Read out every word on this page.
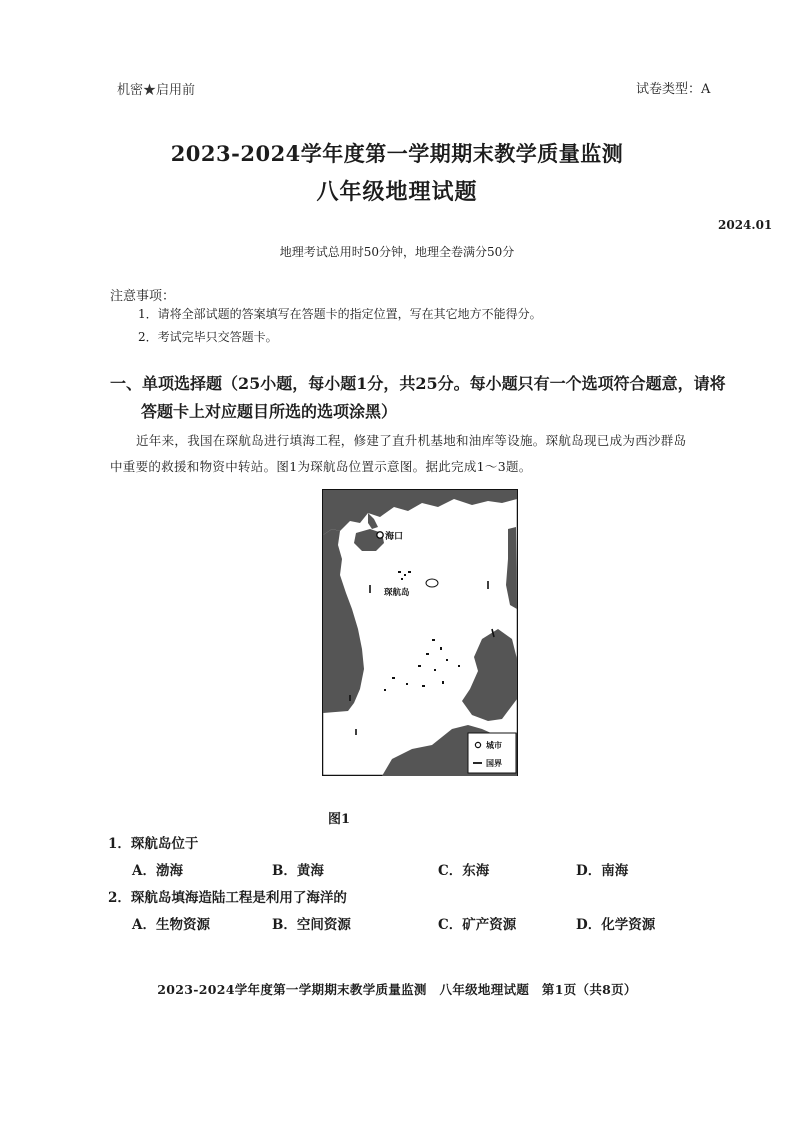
机密★启用前	试卷类型：A
2023-2024学年度第一学期期末教学质量监测
八年级地理试题
2024.01
地理考试总用时50分钟，地理全卷满分50分
注意事项：
1．请将全部试题的答案填写在答题卡的指定位置，写在其它地方不能得分。
2．考试完毕只交答题卡。
一、单项选择题（25小题，每小题1分，共25分。每小题只有一个选项符合题意，请将
答题卡上对应题目所选的选项涂黑）
近年来，我国在琛航岛进行填海工程，修建了直升机基地和油库等设施。琛航岛现已成为西沙群岛
中重要的救援和物资中转站。图1为琛航岛位置示意图。据此完成1～3题。
海口
琛航岛
城市
国界
图1
1．琛航岛位于
A．渤海	B．黄海	C．东海	D．南海
2．琛航岛填海造陆工程是利用了海洋的
A．生物资源	B．空间资源	C．矿产资源	D．化学资源
2023-2024学年度第一学期期末教学质量监测　八年级地理试题　第1页（共8页）
